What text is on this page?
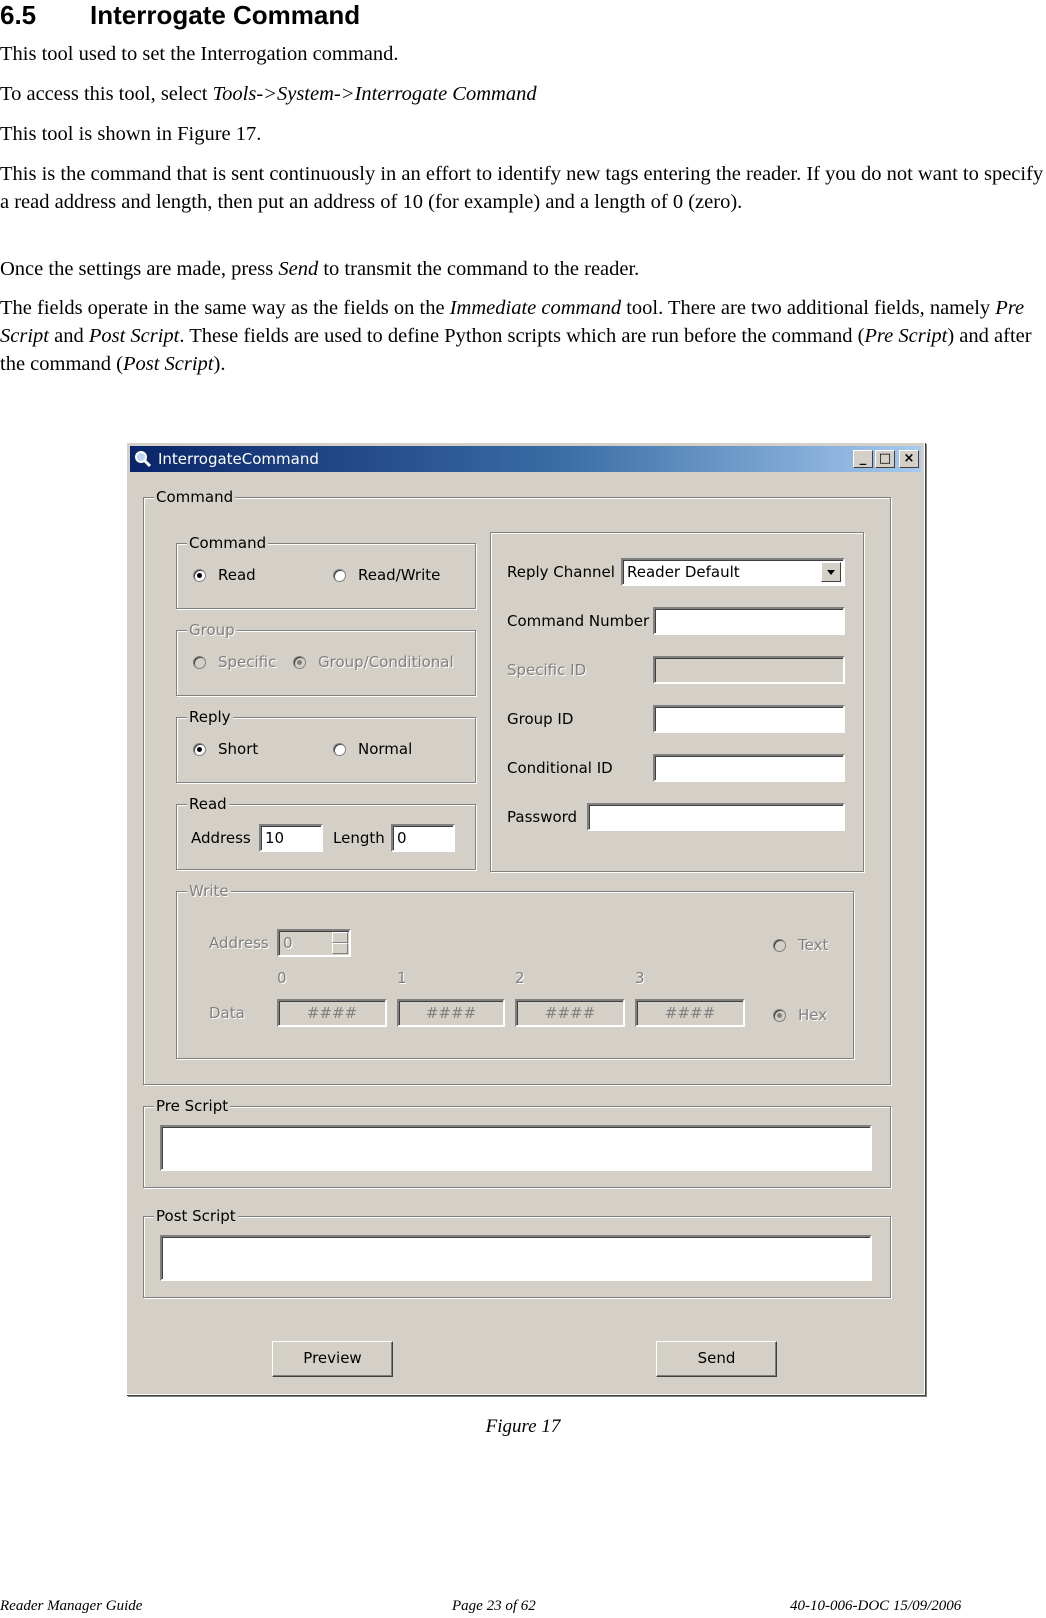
6.5 Interrogate Command

This tool used to set the Interrogation command.

To access this tool, select Tools->System->Interrogate Command

This tool is shown in Figure 17.

This is the command that is sent continuously in an effort to identify new tags entering the reader. If you do not want to specify a read address and length, then put an address of 10 (for example) and a length of 0 (zero).

Once the settings are made, press Send to transmit the command to the reader.

The fields operate in the same way as the fields on the Immediate command tool. There are two additional fields, namely Pre Script and Post Script. These fields are used to define Python scripts which are run before the command (Pre Script) and after the command (Post Script).

InterrogateCommand	_ □ ×
Command
Command
Read	Read/Write
Group
Specific	Group/Conditional
Reply
Short	Normal
Read
Address 10	Length 0
Reply Channel Reader Default
Command Number
Specific ID
Group ID
Conditional ID
Password
Write
Address 0
0	1	2	3
Data	####	####	####	####
Text
Hex
Pre Script
Post Script
Preview	Send
Figure 17
Reader Manager Guide	Page 23 of 62	40-10-006-DOC 15/09/2006
